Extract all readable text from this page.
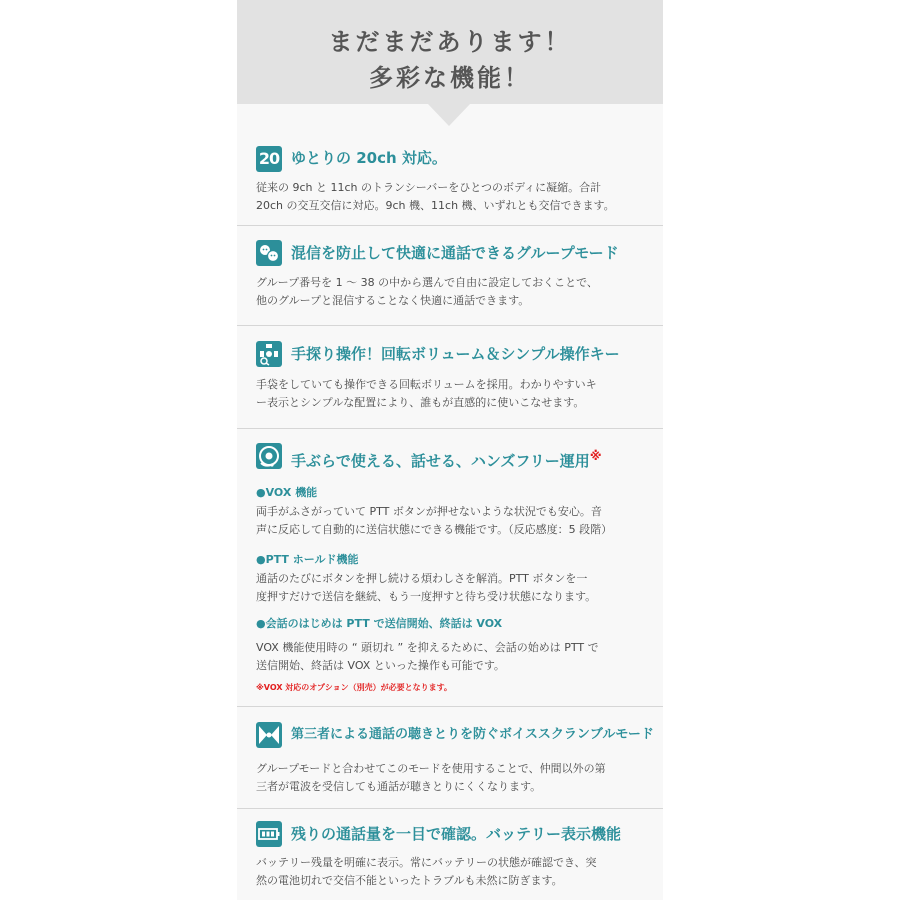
まだまだあります！
多彩な機能！
20 ゆとりの 20ch 対応。
従来の 9ch と 11ch のトランシーバーをひとつのボディに凝縮。合計
20ch の交互交信に対応。9ch 機、11ch 機、いずれとも交信できます。
混信を防止して快適に通話できるグループモード
グループ番号を 1 ～ 38 の中から選んで自由に設定しておくことで、
他のグループと混信することなく快適に通話できます。
手探り操作！回転ボリューム＆シンプル操作キー
手袋をしていても操作できる回転ボリュームを採用。わかりやすいキ
ー表示とシンプルな配置により、誰もが直感的に使いこなせます。
手ぶらで使える、話せる、ハンズフリー運用※
●VOX 機能
両手がふさがっていて PTT ボタンが押せないような状況でも安心。音
声に反応して自動的に送信状態にできる機能です。（反応感度：5 段階）
●PTT ホールド機能
通話のたびにボタンを押し続ける煩わしさを解消。PTT ボタンを一
度押すだけで送信を継続、もう一度押すと待ち受け状態になります。
●会話のはじめは PTT で送信開始、終話は VOX
VOX 機能使用時の “ 頭切れ ” を抑えるために、会話の始めは PTT で
送信開始、終話は VOX といった操作も可能です。
※VOX 対応のオプション（別売）が必要となります。
第三者による通話の聴きとりを防ぐボイススクランブルモード
グループモードと合わせてこのモードを使用することで、仲間以外の第
三者が電波を受信しても通話が聴きとりにくくなります。
残りの通話量を一目で確認。バッテリー表示機能
バッテリー残量を明確に表示。常にバッテリーの状態が確認でき、突
然の電池切れで交信不能といったトラブルも未然に防ぎます。
